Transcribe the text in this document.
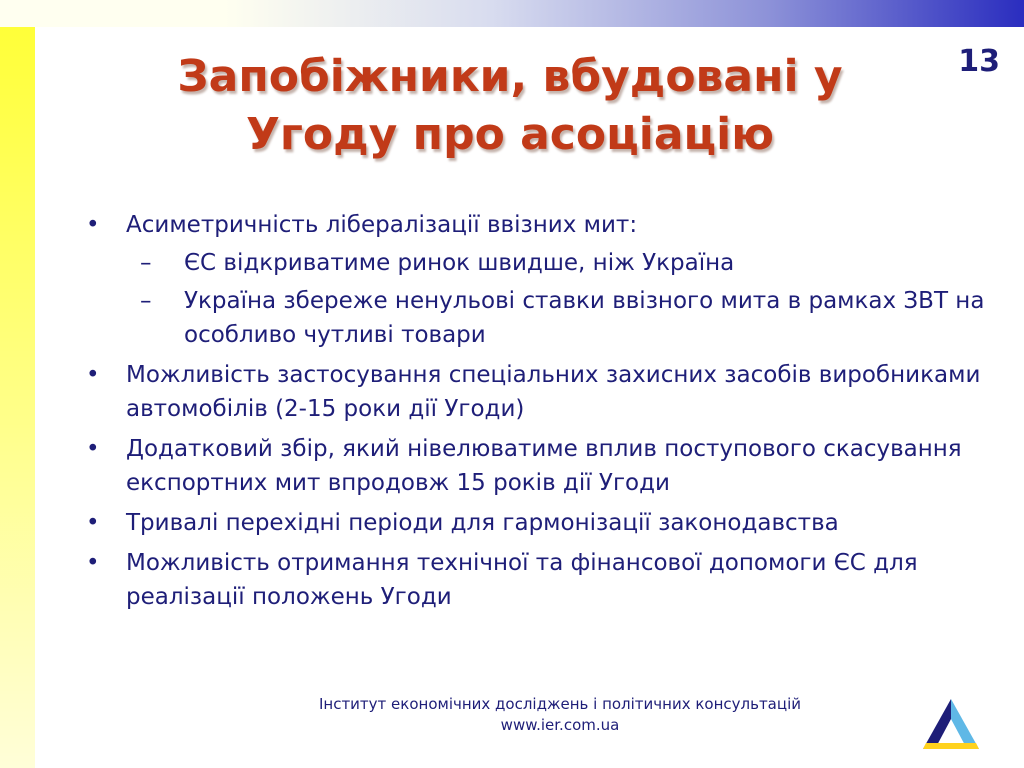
13
Запобіжники, вбудовані у
Угоду про асоціацію
• Асиметричність лібералізації ввізних мит:
– ЄС відкриватиме ринок швидше, ніж Україна
– Україна збереже ненульові ставки ввізного мита в рамках ЗВТ на особливо чутливі товари
• Можливість застосування спеціальних захисних засобів виробниками автомобілів (2-15 роки дії Угоди)
• Додатковий збір, який нівелюватиме вплив поступового скасування експортних мит впродовж 15 років дії Угоди
• Тривалі перехідні періоди для гармонізації законодавства
• Можливість отримання технічної та фінансової допомоги ЄС для реалізації положень Угоди
Інститут економічних досліджень і політичних консультацій
www.ier.com.ua
